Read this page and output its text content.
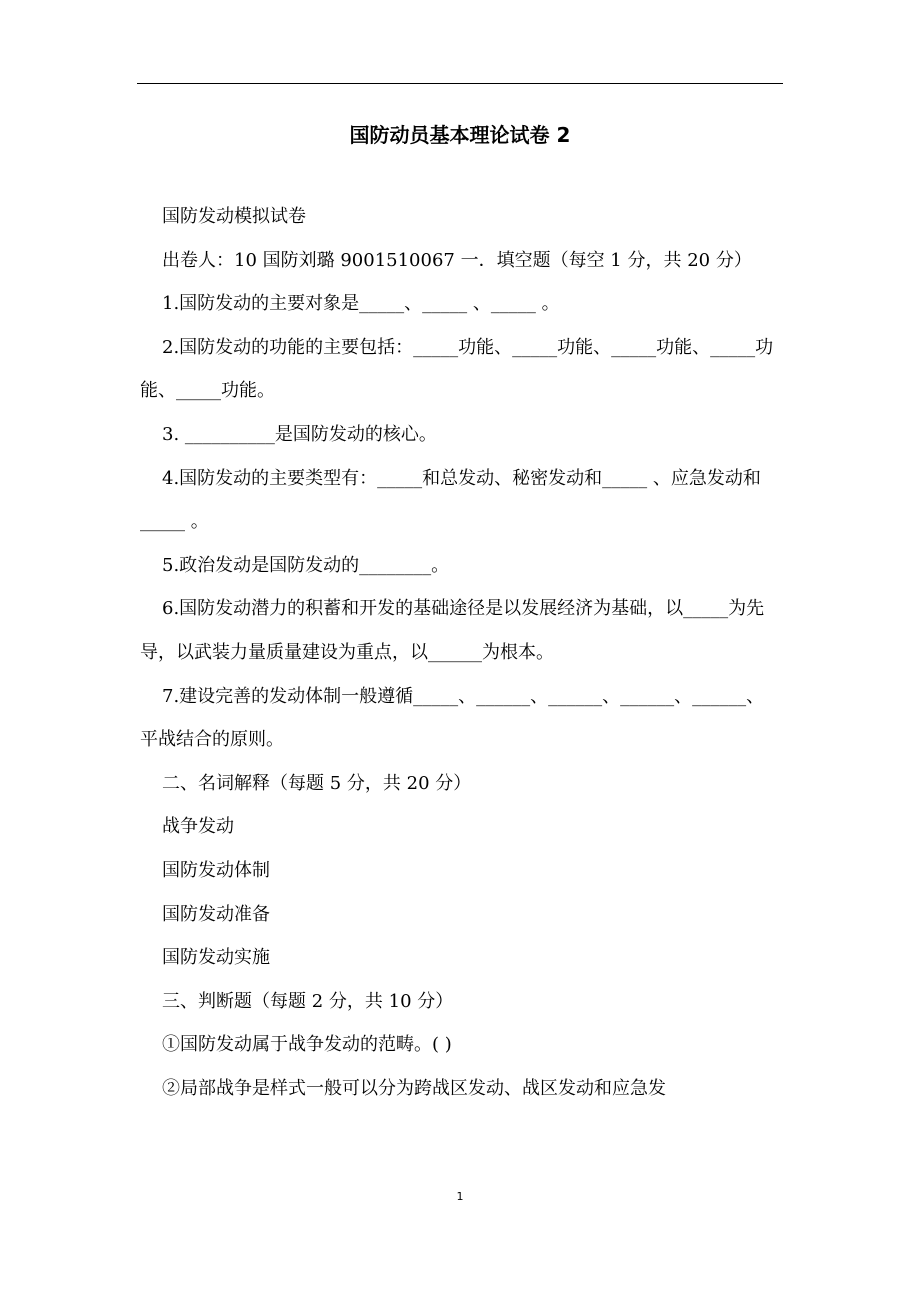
国防动员基本理论试卷 2

国防发动模拟试卷

出卷人：10 国防刘璐 9001510067 一．填空题（每空 1 分，共 20 分）

1.国防发动的主要对象是_____、_____ 、_____ 。

2.国防发动的功能的主要包括：_____功能、_____功能、_____功能、_____功能、_____功能。

3. __________是国防发动的核心。

4.国防发动的主要类型有：_____和总发动、秘密发动和_____ 、应急发动和_____ 。

5.政治发动是国防发动的________。

6.国防发动潜力的积蓄和开发的基础途径是以发展经济为基础，以_____为先导，以武装力量质量建设为重点，以______为根本。

7.建设完善的发动体制一般遵循_____、______、______、______、______、平战结合的原则。

二、名词解释（每题 5 分，共 20 分）

战争发动

国防发动体制

国防发动准备

国防发动实施

三、判断题（每题 2 分，共 10 分）

①国防发动属于战争发动的范畴。( )

②局部战争是样式一般可以分为跨战区发动、战区发动和应急发

1
